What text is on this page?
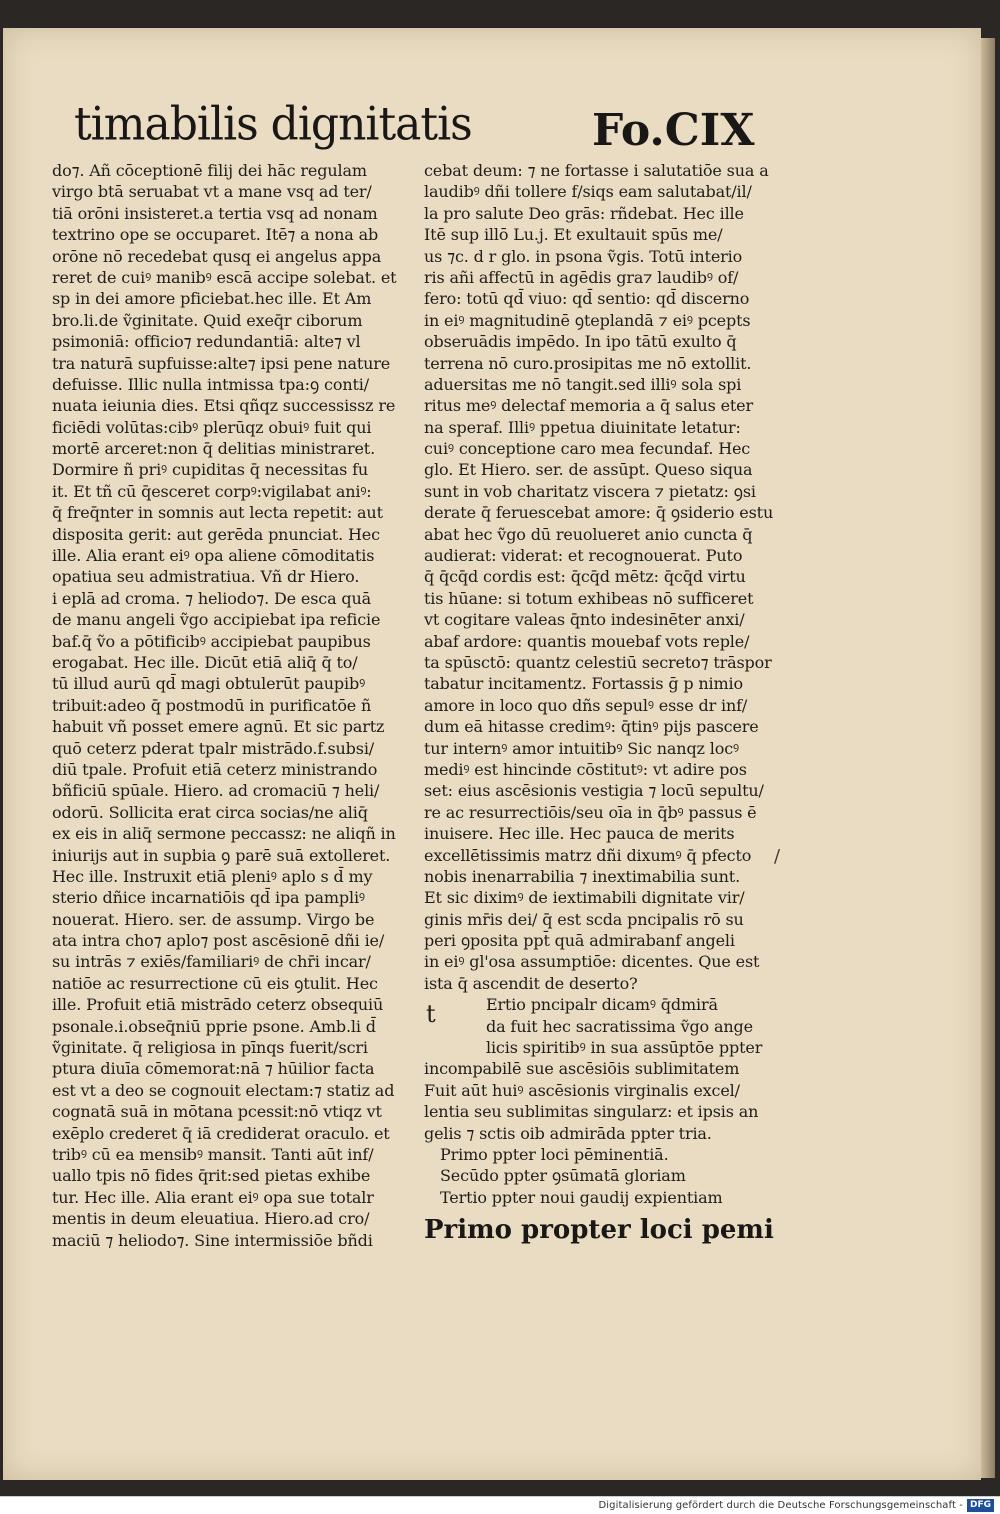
timabilis dignitatis	Fo.CIX
do⁊. Añ cōceptionē filij dei hāc regulam
virgo btā seruabat vt a mane vsq ad ter/
tiā orōni insisteret.a tertia vsq ad nonam
textrino ope se occuparet. Itē⁊ a nona ab
orōne nō recedebat qusq ei angelus appa
reret de cuiꝰ manibꝰ escā accipe solebat. et
sp in dei amore pficiebat.hec ille. Et Am
bro.li.de ṽginitate. Quid exeq̄r ciborum
psimoniā: officio⁊ redundantiā: alte⁊ vl
tra naturā supfuisse:alte⁊ ipsi pene nature
defuisse. Illic nulla intmissa tpa:ꝯ conti/
nuata ieiunia dies. Etsi qñqz successissz re
ficiēdi volūtas:cibꝰ plerūqz obuiꝰ fuit qui
mortē arceret:non q̄ delitias ministraret.
Dormire ñ priꝰ cupiditas q̄ necessitas fu
it. Et tñ cū q̄esceret corpꝰ:vigilabat aniꝰ:
q̄ freq̄nter in somnis aut lecta repetit: aut
disposita gerit: aut gerēda pnunciat. Hec
ille. Alia erant eiꝰ opa aliene cōmoditatis
opatiua seu admistratiua. Vñ dr Hiero.
i eplā ad croma. ⁊ heliodo⁊. De esca quā
de manu angeli ṽgo accipiebat ipa reficie
baf.q̄ ṽo a pōtificibꝰ accipiebat paupibus
erogabat. Hec ille. Dicūt etiā aliq̄ q̄ to/
tū illud aurū qd̄ magi obtulerūt paupibꝰ
tribuit:adeo q̄ postmodū in purificatōe ñ
habuit vñ posset emere agnū. Et sic partz
quō ceterz pderat tpalr mistrādo.f.subsi/
diū tpale. Profuit etiā ceterz ministrando
bñficiū spūale. Hiero. ad cromaciū ⁊ heli/
odorū. Sollicita erat circa socias/ne aliq̄
ex eis in aliq̄ sermone peccassz: ne aliqñ in
iniurijs aut in supbia ꝯ parē suā extolleret.
Hec ille. Instruxit etiā pleniꝰ aplo s d̄ my
sterio dñice incarnatiōis qd̄ ipa pampliꝰ
nouerat. Hiero. ser. de assump. Virgo be
ata intra cho⁊ aplo⁊ post ascēsionē dñi ie/
su intrās ⁊ exiēs/familiariꝰ de chr̄i incar/
natiōe ac resurrectione cū eis ꝯtulit. Hec
ille. Profuit etiā mistrādo ceterz obsequiū
psonale.i.obseq̄niū pprie psone. Amb.li d̄
ṽginitate. q̄ religiosa in pīnqs fuerit/scri
ptura diuīa cōmemorat:nā ⁊ hūilior facta
est vt a deo se cognouit electam:⁊ statiz ad
cognatā suā in mōtana pcessit:nō vtiqz vt
exēplo crederet q̄ iā crediderat oraculo. et
tribꝰ cū ea mensibꝰ mansit. Tanti aūt inf/
uallo tpis nō fides q̄rit:sed pietas exhibe
tur. Hec ille. Alia erant eiꝰ opa sue totalr
mentis in deum eleuatiua. Hiero.ad cro/
maciū ⁊ heliodo⁊. Sine intermissiōe bñdi
cebat deum: ⁊ ne fortasse i salutatiōe sua a
laudibꝰ dñi tollere f/siqs eam salutabat/il/
la pro salute Deo grās: rñdebat. Hec ille
Itē sup illō Lu.j. Et exultauit spūs me/
us ⁊c. d r glo. in psona ṽgis. Totū interio
ris añi affectū in agēdis gra⁊ laudibꝰ of/
fero: totū qd̄ viuo: qd̄ sentio: qd̄ discerno
in eiꝰ magnitudinē ꝯteplandā ⁊ eiꝰ pcepts
obseruādis impēdo. In ipo tātū exulto q̄
terrena nō curo.prosipitas me nō extollit.
aduersitas me nō tangit.sed illiꝰ sola spi
ritus meꝰ delectaf memoria a q̄ salus eter
na speraf. Illiꝰ ppetua diuinitate letatur:
cuiꝰ conceptione caro mea fecundaf. Hec
glo. Et Hiero. ser. de assūpt. Queso siqua
sunt in vob charitatz viscera ⁊ pietatz: ꝯsi
derate q̄ feruescebat amore: q̄ ꝯsiderio estu
abat hec ṽgo dū reuolueret anio cuncta q̄
audierat: viderat: et recognouerat. Puto
q̄ q̄cq̄d cordis est: q̄cq̄d mētz: q̄cq̄d virtu
tis hūane: si totum exhibeas nō sufficeret
vt cogitare valeas q̄nto indesinēter anxi/
abaf ardore: quantis mouebaf vots reple/
ta spūsctō: quantz celestiū secreto⁊ trāspor
tabatur incitamentz. Fortassis ḡ p nimio
amore in loco quo dñs sepulꝰ esse dr inf/
dum eā hitasse credimꝰ: q̄tinꝰ pijs pascere
tur internꝰ amor intuitibꝰ Sic nanqz locꝰ
mediꝰ est hincinde cōstitutꝰ: vt adire pos
set: eius ascēsionis vestigia ⁊ locū sepultu/
re ac resurrectiōis/seu oīa in q̄bꝰ passus ē
inuisere. Hec ille. Hec pauca de merits
excellētissimis matrz dñi dixumꝰ q̄ pfecto
nobis inenarrabilia ⁊ inextimabilia sunt.
Et sic diximꝰ de iextimabili dignitate vir/
ginis mr̄is dei/ q̄ est scda pncipalis rō su
peri ꝯposita ppt̄ quā admirabanf angeli
in eiꝰ gl'osa assumptiōe: dicentes. Que est
ista q̄ ascendit de deserto?
Ertio pncipalr dicamꝰ q̄dmirā
da fuit hec sacratissima ṽgo ange
licis spiritibꝰ in sua assūptōe ppter
incompabilē sue ascēsiōis sublimitatem
Fuit aūt huiꝰ ascēsionis virginalis excel/
lentia seu sublimitas singularz: et ipsis an
gelis ⁊ sctis oib admirāda ppter tria.
Primo ppter loci pēminentiā.
Secūdo ppter ꝯsūmatā gloriam
Tertio ppter noui gaudij expientiam
t
Primo propter loci pemi
/
Digitalisierung gefördert durch die Deutsche Forschungsgemeinschaft - DFG
